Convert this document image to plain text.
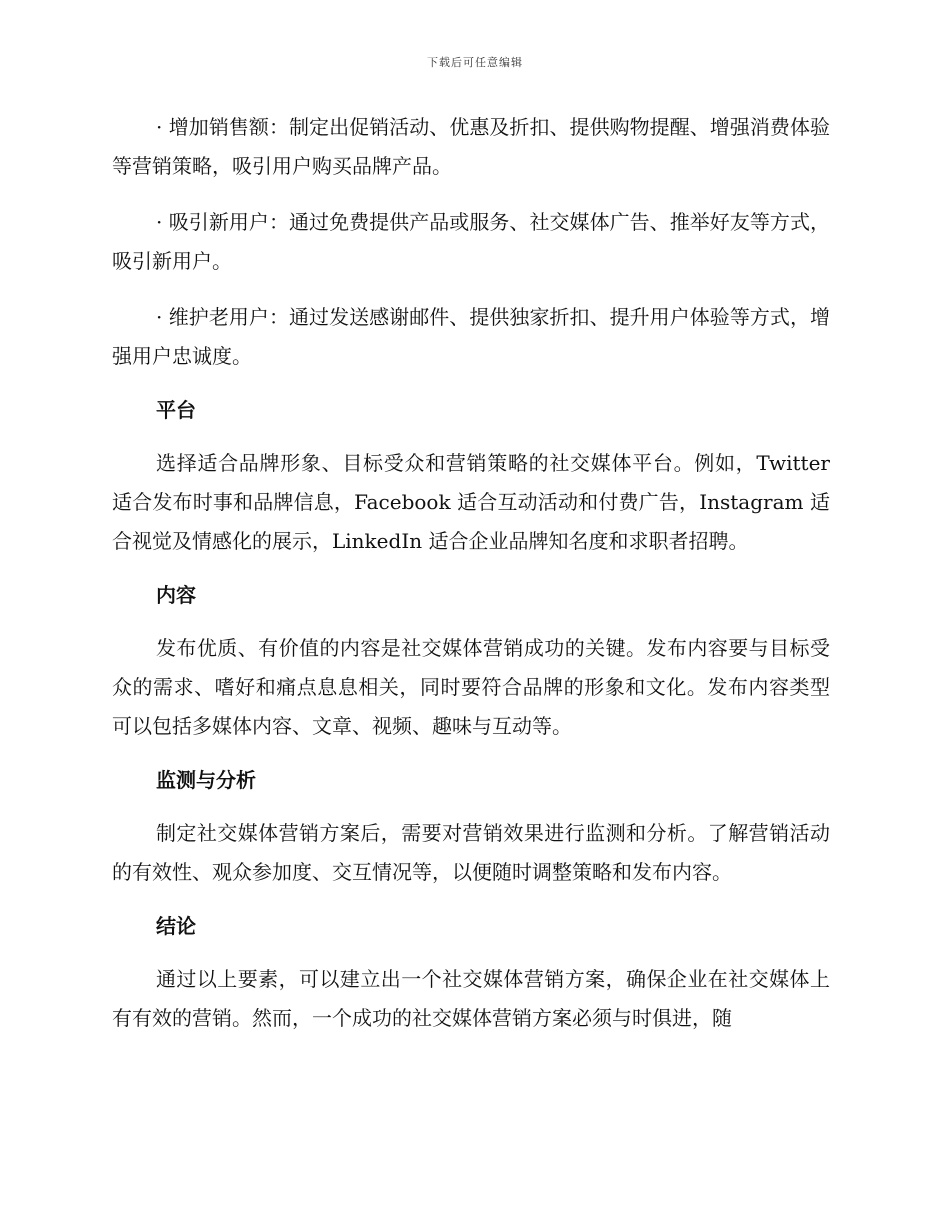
下载后可任意编辑

· 增加销售额：制定出促销活动、优惠及折扣、提供购物提醒、增强消费体验等营销策略，吸引用户购买品牌产品。

· 吸引新用户：通过免费提供产品或服务、社交媒体广告、推举好友等方式，吸引新用户。

· 维护老用户：通过发送感谢邮件、提供独家折扣、提升用户体验等方式，增强用户忠诚度。

平台

选择适合品牌形象、目标受众和营销策略的社交媒体平台。例如，Twitter 适合发布时事和品牌信息，Facebook 适合互动活动和付费广告，Instagram 适合视觉及情感化的展示，LinkedIn 适合企业品牌知名度和求职者招聘。

内容

发布优质、有价值的内容是社交媒体营销成功的关键。发布内容要与目标受众的需求、嗜好和痛点息息相关，同时要符合品牌的形象和文化。发布内容类型可以包括多媒体内容、文章、视频、趣味与互动等。

监测与分析

制定社交媒体营销方案后，需要对营销效果进行监测和分析。了解营销活动的有效性、观众参加度、交互情况等，以便随时调整策略和发布内容。

结论

通过以上要素，可以建立出一个社交媒体营销方案，确保企业在社交媒体上有有效的营销。然而，一个成功的社交媒体营销方案必须与时俱进，随
